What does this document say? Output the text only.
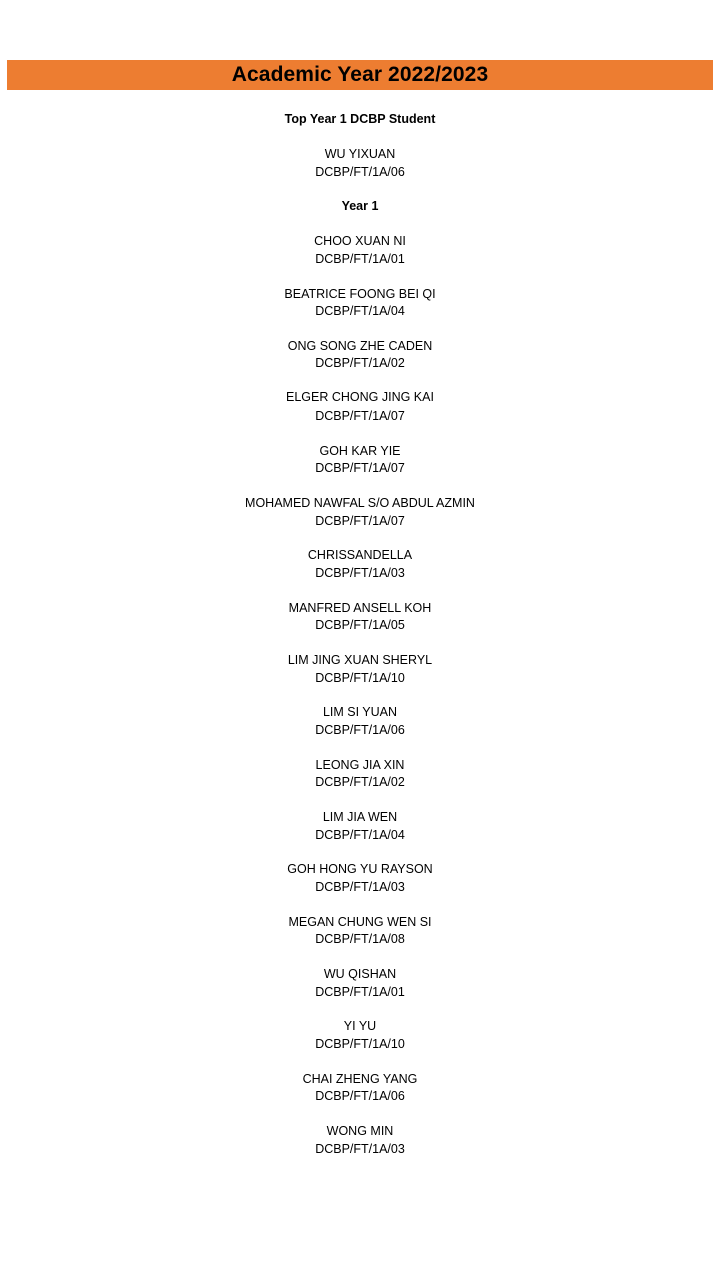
Academic Year 2022/2023
Top Year 1 DCBP Student
WU YIXUAN
DCBP/FT/1A/06
Year 1
CHOO XUAN NI
DCBP/FT/1A/01
BEATRICE FOONG BEI QI
DCBP/FT/1A/04
ONG SONG ZHE CADEN
DCBP/FT/1A/02
ELGER CHONG JING KAI
DCBP/FT/1A/07
GOH KAR YIE
DCBP/FT/1A/07
MOHAMED NAWFAL S/O ABDUL AZMIN
DCBP/FT/1A/07
CHRISSANDELLA
DCBP/FT/1A/03
MANFRED ANSELL KOH
DCBP/FT/1A/05
LIM JING XUAN SHERYL
DCBP/FT/1A/10
LIM SI YUAN
DCBP/FT/1A/06
LEONG JIA XIN
DCBP/FT/1A/02
LIM JIA WEN
DCBP/FT/1A/04
GOH HONG YU RAYSON
DCBP/FT/1A/03
MEGAN CHUNG WEN SI
DCBP/FT/1A/08
WU QISHAN
DCBP/FT/1A/01
YI YU
DCBP/FT/1A/10
CHAI ZHENG YANG
DCBP/FT/1A/06
WONG MIN
DCBP/FT/1A/03
